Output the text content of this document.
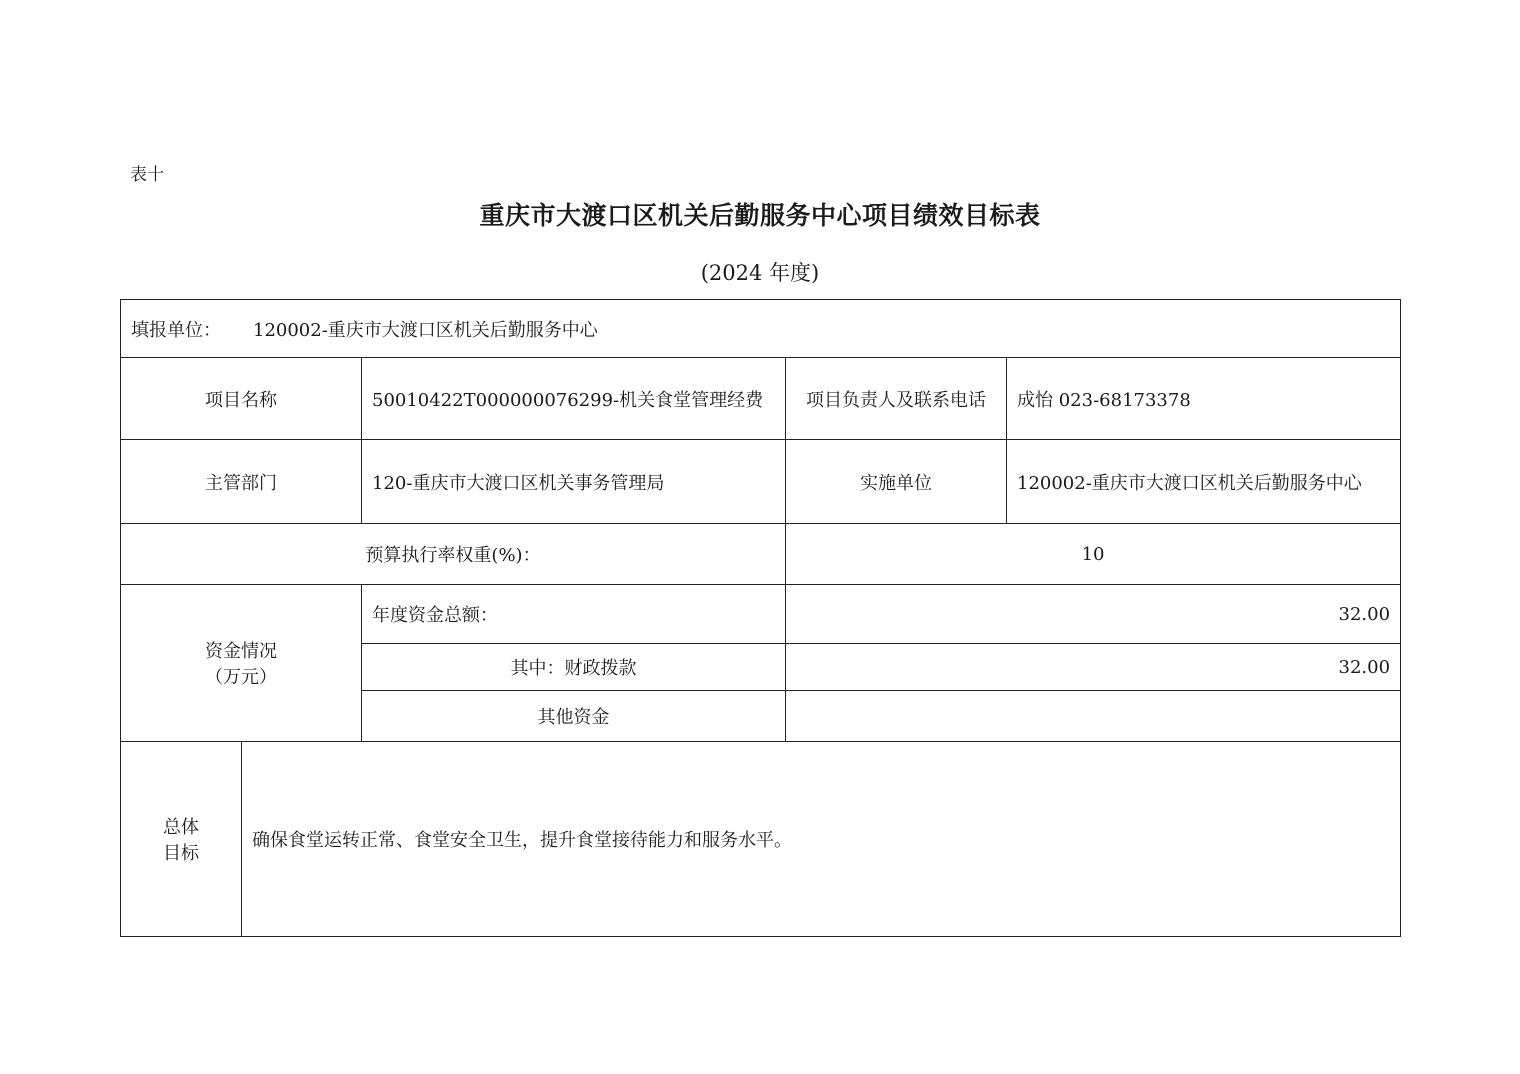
表十
重庆市大渡口区机关后勤服务中心项目绩效目标表
(2024 年度)
填报单位： 120002-重庆市大渡口区机关后勤服务中心				
项目名称		50010422T000000076299-机关食堂管理经费	项目负责人及联系电话	成怡 023-68173378
主管部门		120-重庆市大渡口区机关事务管理局	实施单位	120002-重庆市大渡口区机关后勤服务中心
预算执行率权重(%)：			10	

资金情况
（万元）		年度资金总额：	32.00	
		其中：财政拨款	32.00	
		其他资金		

总体
目标	确保食堂运转正常、食堂安全卫生，提升食堂接待能力和服务水平。			
